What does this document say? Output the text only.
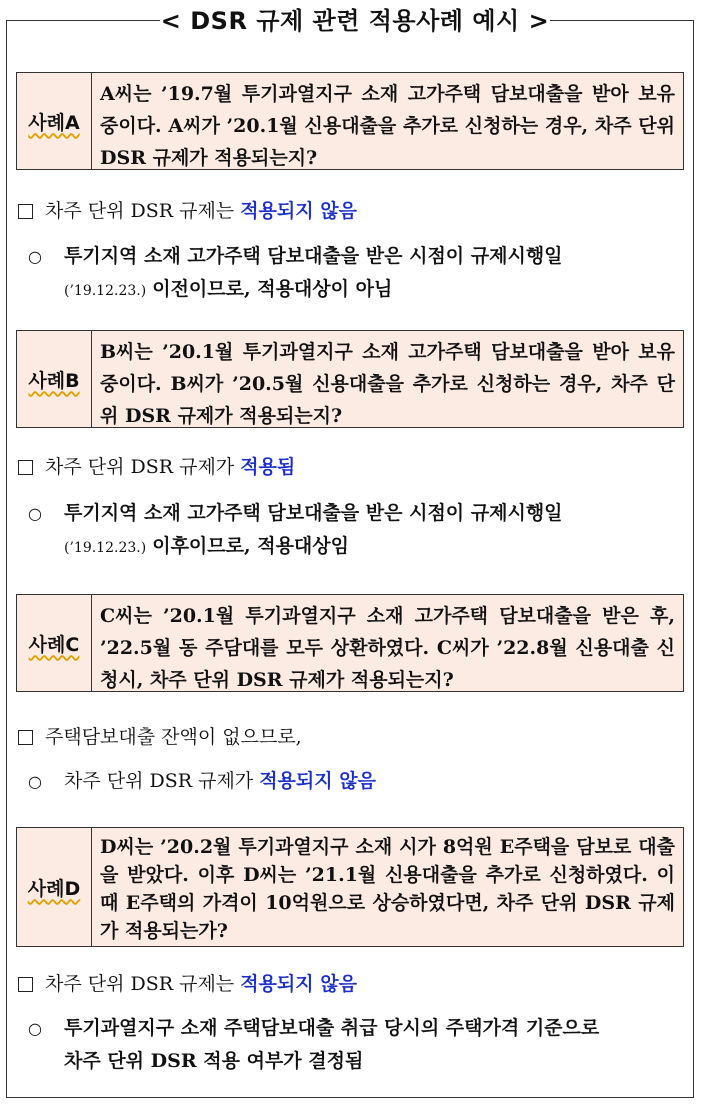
< DSR 규제 관련 적용사례 예시 >
사례A
A씨는 ’19.7월 투기과열지구 소재 고가주택 담보대출을 받아 보유 중이다. A씨가 ’20.1월 신용대출을 추가로 신청하는 경우, 차주 단위 DSR 규제가 적용되는지?
차주 단위 DSR 규제는 적용되지 않음
○ 투기지역 소재 고가주택 담보대출을 받은 시점이 규제시행일
(’19.12.23.) 이전이므로, 적용대상이 아님
사례B
B씨는 ’20.1월 투기과열지구 소재 고가주택 담보대출을 받아 보유 중이다. B씨가 ’20.5월 신용대출을 추가로 신청하는 경우, 차주 단위 DSR 규제가 적용되는지?
차주 단위 DSR 규제가 적용됨
○ 투기지역 소재 고가주택 담보대출을 받은 시점이 규제시행일
(’19.12.23.) 이후이므로, 적용대상임
사례C
C씨는 ’20.1월 투기과열지구 소재 고가주택 담보대출을 받은 후, ’22.5월 동 주담대를 모두 상환하였다. C씨가 ’22.8월 신용대출 신청시, 차주 단위 DSR 규제가 적용되는지?
주택담보대출 잔액이 없으므로,
○ 차주 단위 DSR 규제가 적용되지 않음
사례D
D씨는 ’20.2월 투기과열지구 소재 시가 8억원 E주택을 담보로 대출을 받았다. 이후 D씨는 ’21.1월 신용대출을 추가로 신청하였다. 이 때 E주택의 가격이 10억원으로 상승하였다면, 차주 단위 DSR 규제가 적용되는가?
차주 단위 DSR 규제는 적용되지 않음
○ 투기과열지구 소재 주택담보대출 취급 당시의 주택가격 기준으로
차주 단위 DSR 적용 여부가 결정됨
